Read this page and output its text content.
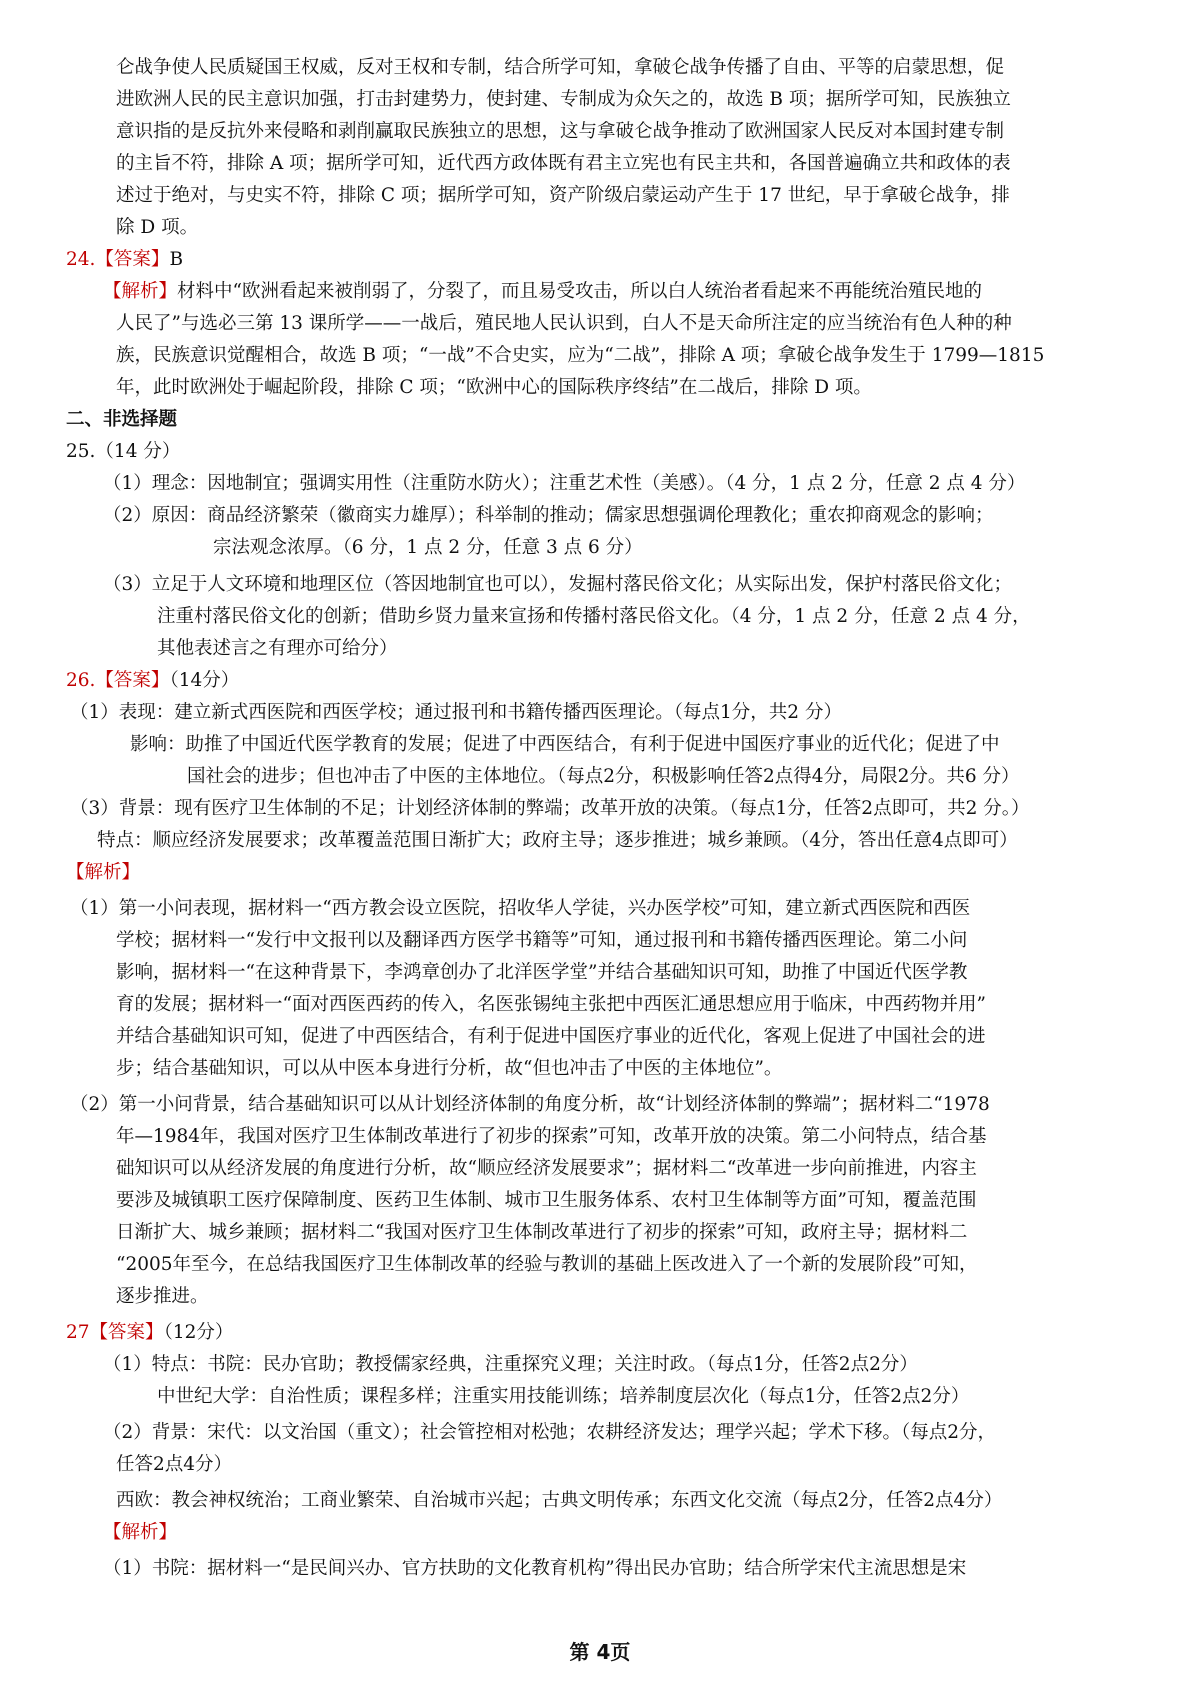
仑战争使人民质疑国王权威，反对王权和专制，结合所学可知，拿破仑战争传播了自由、平等的启蒙思想，促
进欧洲人民的民主意识加强，打击封建势力，使封建、专制成为众矢之的，故选 B 项；据所学可知，民族独立
意识指的是反抗外来侵略和剥削赢取民族独立的思想，这与拿破仑战争推动了欧洲国家人民反对本国封建专制
的主旨不符，排除 A 项；据所学可知，近代西方政体既有君主立宪也有民主共和，各国普遍确立共和政体的表
述过于绝对，与史实不符，排除 C 项；据所学可知，资产阶级启蒙运动产生于 17 世纪，早于拿破仑战争，排
除 D 项。
24.【答案】B
【解析】材料中“欧洲看起来被削弱了，分裂了，而且易受攻击，所以白人统治者看起来不再能统治殖民地的
人民了”与选必三第 13 课所学——一战后，殖民地人民认识到，白人不是天命所注定的应当统治有色人种的种
族，民族意识觉醒相合，故选 B 项；“一战”不合史实，应为“二战”，排除 A 项；拿破仑战争发生于 1799—1815
年，此时欧洲处于崛起阶段，排除 C 项；“欧洲中心的国际秩序终结”在二战后，排除 D 项。
二、非选择题
25.（14 分）
（1）理念：因地制宜；强调实用性（注重防水防火）；注重艺术性（美感）。（4 分，1 点 2 分，任意 2 点 4 分）
（2）原因：商品经济繁荣（徽商实力雄厚）；科举制的推动；儒家思想强调伦理教化；重农抑商观念的影响；
宗法观念浓厚。（6 分，1 点 2 分，任意 3 点 6 分）
（3）立足于人文环境和地理区位（答因地制宜也可以），发掘村落民俗文化；从实际出发，保护村落民俗文化；
注重村落民俗文化的创新；借助乡贤力量来宣扬和传播村落民俗文化。（4 分，1 点 2 分，任意 2 点 4 分，
其他表述言之有理亦可给分）
26.【答案】（14分）
（1）表现：建立新式西医院和西医学校；通过报刊和书籍传播西医理论。（每点1分，共2 分）
影响：助推了中国近代医学教育的发展；促进了中西医结合，有利于促进中国医疗事业的近代化；促进了中
国社会的进步；但也冲击了中医的主体地位。（每点2分，积极影响任答2点得4分，局限2分。共6 分）
（3）背景：现有医疗卫生体制的不足；计划经济体制的弊端；改革开放的决策。（每点1分，任答2点即可，共2 分。）
特点：顺应经济发展要求；改革覆盖范围日渐扩大；政府主导；逐步推进；城乡兼顾。（4分，答出任意4点即可）
【解析】
（1）第一小问表现，据材料一“西方教会设立医院，招收华人学徒，兴办医学校”可知，建立新式西医院和西医
学校；据材料一“发行中文报刊以及翻译西方医学书籍等”可知，通过报刊和书籍传播西医理论。第二小问
影响，据材料一“在这种背景下，李鸿章创办了北洋医学堂”并结合基础知识可知，助推了中国近代医学教
育的发展；据材料一“面对西医西药的传入，名医张锡纯主张把中西医汇通思想应用于临床，中西药物并用”
并结合基础知识可知，促进了中西医结合，有利于促进中国医疗事业的近代化，客观上促进了中国社会的进
步；结合基础知识，可以从中医本身进行分析，故“但也冲击了中医的主体地位”。
（2）第一小问背景，结合基础知识可以从计划经济体制的角度分析，故“计划经济体制的弊端”；据材料二“1978
年—1984年，我国对医疗卫生体制改革进行了初步的探索”可知，改革开放的决策。第二小问特点，结合基
础知识可以从经济发展的角度进行分析，故“顺应经济发展要求”；据材料二“改革进一步向前推进，内容主
要涉及城镇职工医疗保障制度、医药卫生体制、城市卫生服务体系、农村卫生体制等方面”可知，覆盖范围
日渐扩大、城乡兼顾；据材料二“我国对医疗卫生体制改革进行了初步的探索”可知，政府主导；据材料二
“2005年至今，在总结我国医疗卫生体制改革的经验与教训的基础上医改进入了一个新的发展阶段”可知，
逐步推进。
27【答案】（12分）
（1）特点：书院：民办官助；教授儒家经典，注重探究义理；关注时政。（每点1分，任答2点2分）
中世纪大学：自治性质；课程多样；注重实用技能训练；培养制度层次化（每点1分，任答2点2分）
（2）背景：宋代：以文治国（重文）；社会管控相对松弛；农耕经济发达；理学兴起；学术下移。（每点2分，
任答2点4分）
西欧：教会神权统治；工商业繁荣、自治城市兴起；古典文明传承；东西文化交流（每点2分，任答2点4分）
【解析】
（1）书院：据材料一“是民间兴办、官方扶助的文化教育机构”得出民办官助；结合所学宋代主流思想是宋
第 4页
